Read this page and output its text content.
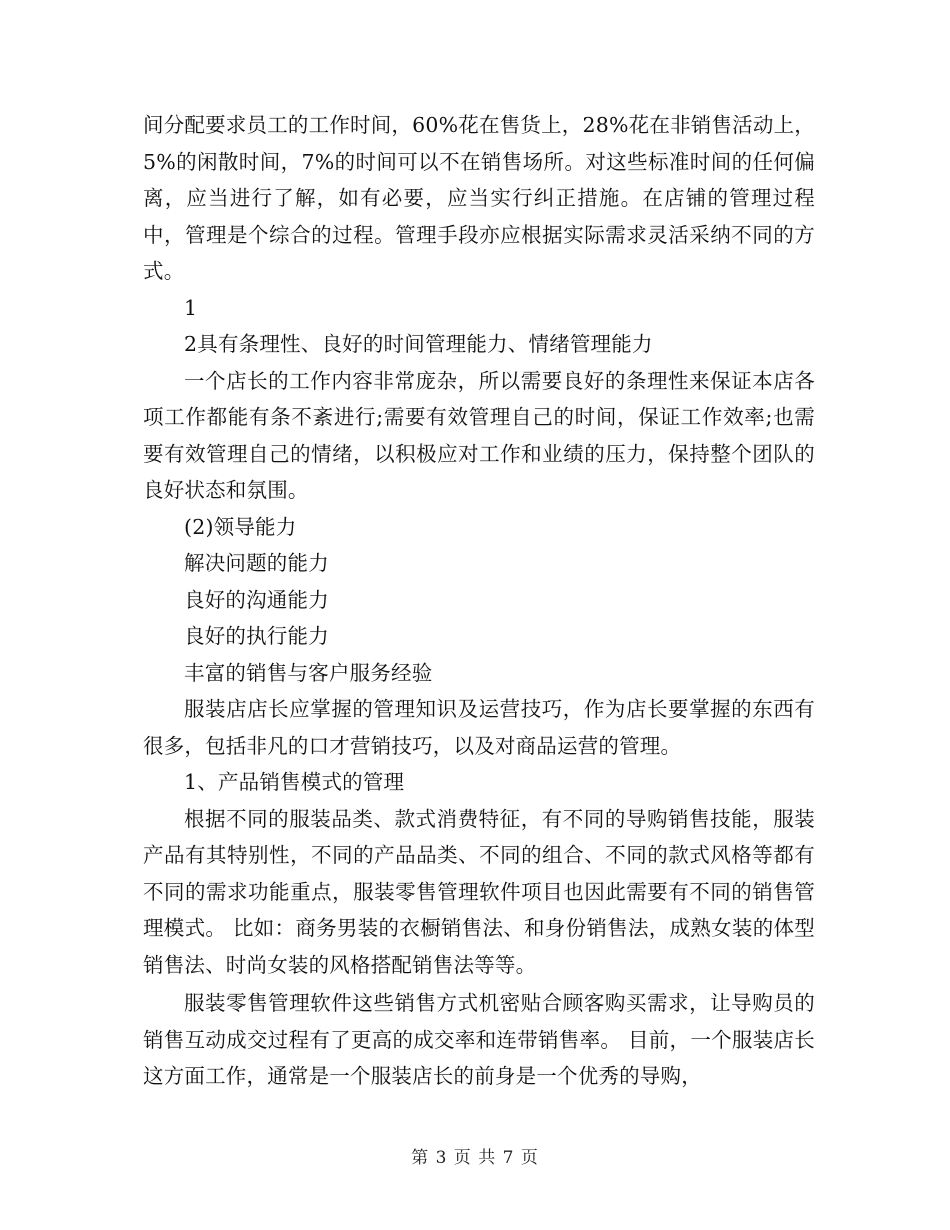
间分配要求员工的工作时间，60%花在售货上，28%花在非销售活动上，5%的闲散时间，7%的时间可以不在销售场所。对这些标准时间的任何偏离，应当进行了解，如有必要，应当实行纠正措施。在店铺的管理过程中，管理是个综合的过程。管理手段亦应根据实际需求灵活采纳不同的方式。

1

2具有条理性、良好的时间管理能力、情绪管理能力

一个店长的工作内容非常庞杂，所以需要良好的条理性来保证本店各项工作都能有条不紊进行;需要有效管理自己的时间，保证工作效率;也需要有效管理自己的情绪，以积极应对工作和业绩的压力，保持整个团队的良好状态和氛围。

(2)领导能力

解决问题的能力

良好的沟通能力

良好的执行能力

丰富的销售与客户服务经验

服装店店长应掌握的管理知识及运营技巧，作为店长要掌握的东西有很多，包括非凡的口才营销技巧，以及对商品运营的管理。

1、产品销售模式的管理

根据不同的服装品类、款式消费特征，有不同的导购销售技能，服装产品有其特别性，不同的产品品类、不同的组合、不同的款式风格等都有不同的需求功能重点，服装零售管理软件项目也因此需要有不同的销售管理模式。 比如：商务男装的衣橱销售法、和身份销售法，成熟女装的体型销售法、时尚女装的风格搭配销售法等等。

服装零售管理软件这些销售方式机密贴合顾客购买需求，让导购员的销售互动成交过程有了更高的成交率和连带销售率。 目前，一个服装店长这方面工作，通常是一个服装店长的前身是一个优秀的导购，

第 3 页 共 7 页
